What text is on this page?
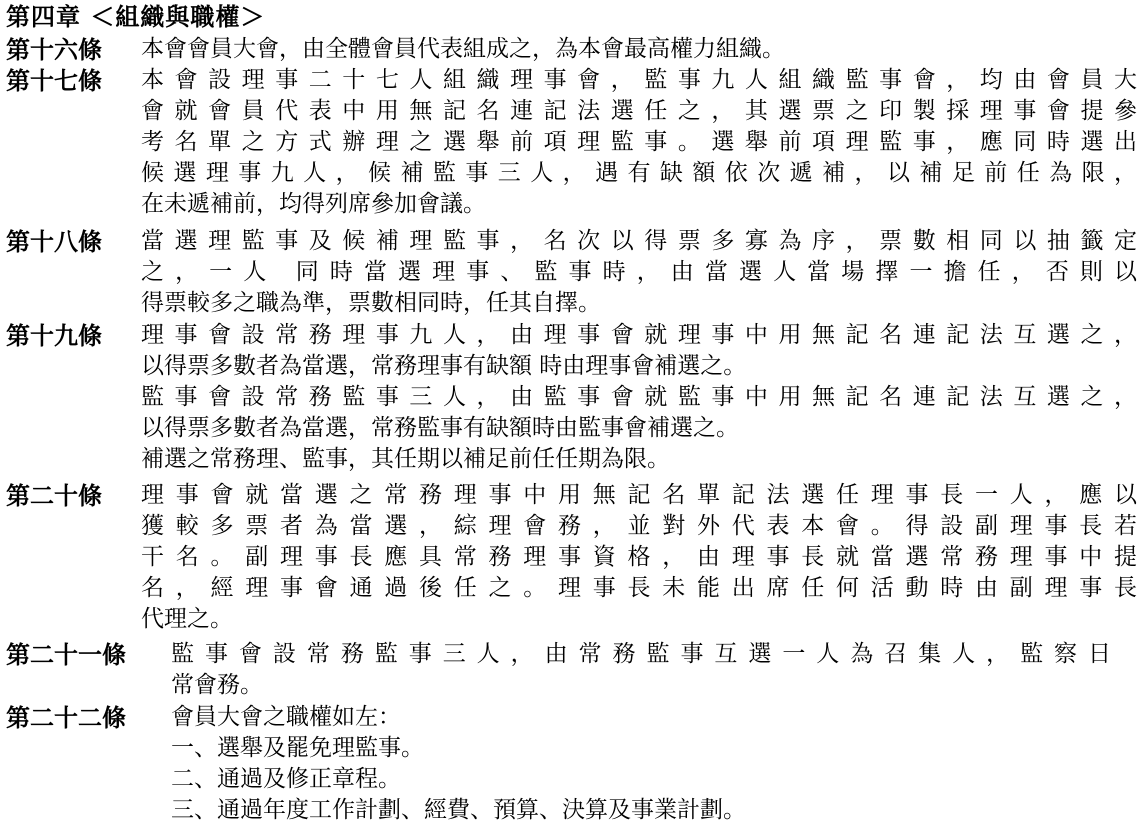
第四章 ＜組織與職權＞
第十六條 本會會員大會，由全體會員代表組成之，為本會最高權力組織。
第十七條 本會設理事二十七人組織理事會，監事九人組織監事會，均由會員大
會就會員代表中用無記名連記法選任之，其選票之印製採理事會提參
考名單之方式辦理之選舉前項理監事。選舉前項理監事，應同時選出
候選理事九人，候補監事三人，遇有缺額依次遞補，以補足前任為限，
在未遞補前，均得列席參加會議。
第十八條 當選理監事及候補理監事，名次以得票多寡為序，票數相同以抽籤定
之，一人 同時當選理事、監事時，由當選人當場擇一擔任，否則以
得票較多之職為準，票數相同時，任其自擇。
第十九條 理事會設常務理事九人，由理事會就理事中用無記名連記法互選之，
以得票多數者為當選，常務理事有缺額 時由理事會補選之。
監事會設常務監事三人，由監事會就監事中用無記名連記法互選之，
以得票多數者為當選，常務監事有缺額時由監事會補選之。
補選之常務理、監事，其任期以補足前任任期為限。
第二十條 理事會就當選之常務理事中用無記名單記法選任理事長一人，應以
獲較多票者為當選，綜理會務，並對外代表本會。得設副理事長若
干名。副理事長應具常務理事資格，由理事長就當選常務理事中提
名，經理事會通過後任之。理事長未能出席任何活動時由副理事長
代理之。
第二十一條 監事會設常務監事三人，由常務監事互選一人為召集人，監察日
常會務。
第二十二條 會員大會之職權如左：
一、選舉及罷免理監事。
二、通過及修正章程。
三、通過年度工作計劃、經費、預算、決算及事業計劃。
